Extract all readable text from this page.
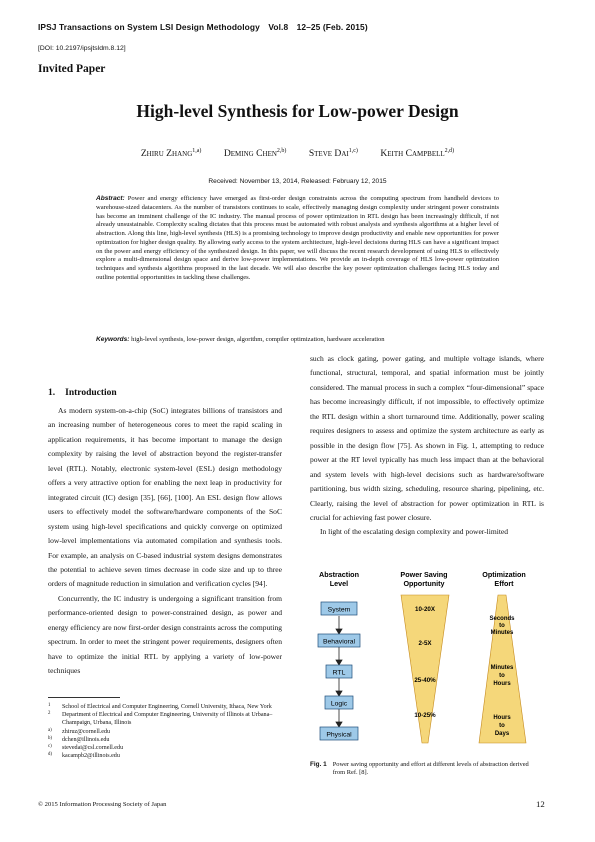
IPSJ Transactions on System LSI Design Methodology Vol.8 12–25 (Feb. 2015)
[DOI: 10.2197/ipsjtsldm.8.12]
Invited Paper
High-level Synthesis for Low-power Design
Zhiru Zhang$^{1,a)}$ Deming Chen$^{2,b)}$ Steve Dai$^{1,c)}$ Keith Campbell$^{2,d)}$
Received: November 13, 2014, Released: February 12, 2015
Abstract: Power and energy efficiency have emerged as first-order design constraints across the computing spectrum from handheld devices to warehouse-sized datacenters. As the number of transistors continues to scale, effectively managing design complexity under stringent power constraints has become an imminent challenge of the IC industry. The manual process of power optimization in RTL design has been increasingly difficult, if not already unsustainable. Complexity scaling dictates that this process must be automated with robust analysis and synthesis algorithms at a higher level of abstraction. Along this line, high-level synthesis (HLS) is a promising technology to improve design productivity and enable new opportunities for power optimization for higher design quality. By allowing early access to the system architecture, high-level decisions during HLS can have a significant impact on the power and energy efficiency of the synthesized design. In this paper, we will discuss the recent research development of using HLS to effectively explore a multi-dimensional design space and derive low-power implementations. We provide an in-depth coverage of HLS low-power optimization techniques and synthesis algorithms proposed in the last decade. We will also describe the key power optimization challenges facing HLS today and outline potential opportunities in tackling these challenges.
Keywords: high-level synthesis, low-power design, algorithm, compiler optimization, hardware acceleration
1. Introduction

As modern system-on-a-chip (SoC) integrates billions of transistors and an increasing number of heterogeneous cores to meet the rapid scaling in application requirements, it has become important to manage the design complexity by raising the level of abstraction beyond the register-transfer level (RTL). Notably, electronic system-level (ESL) design methodology offers a very attractive option for enabling the next leap in productivity for integrated circuit (IC) design [35], [66], [100]. An ESL design flow allows users to effectively model the software/hardware components of the SoC system using high-level specifications and quickly converge on optimized low-level implementations via automated compilation and synthesis tools. For example, an analysis on C-based industrial system designs demonstrates the potential to achieve seven times decrease in code size and up to three orders of magnitude reduction in simulation and verification cycles [94].

Concurrently, the IC industry is undergoing a significant transition from performance-oriented design to power-constrained design, as power and energy efficiency are now first-order design constraints across the computing spectrum. In order to meet the stringent power requirements, designers often have to optimize the initial RTL by applying a variety of low-power techniques

such as clock gating, power gating, and multiple voltage islands, where functional, structural, temporal, and spatial information must be jointly considered. The manual process in such a complex “four-dimensional” space has become increasingly difficult, if not impossible, to effectively optimize the RTL design within a short turnaround time. Additionally, power scaling requires designers to assess and optimize the system architecture as early as possible in the design flow [75]. As shown in Fig. 1, attempting to reduce power at the RT level typically has much less impact than at the behavioral and system levels with high-level decisions such as hardware/software partitioning, bus width sizing, scheduling, resource sharing, pipelining, etc. Clearly, raising the level of abstraction for power optimization in RTL is crucial for achieving fast power closure.

In light of the escalating design complexity and power-limited

1 School of Electrical and Computer Engineering, Cornell University, Ithaca, New York
2 Department of Electrical and Computer Engineering, University of Illinois at Urbana–Champaign, Urbana, Illinois
a) zhiruz@cornell.edu
b) dchen@illinois.edu
c) stevedai@csl.cornell.edu
d) kacampb2@illinois.edu
Abstraction
Level
Power Saving
Opportunity
Optimization
Effort
System
Behavioral
RTL
Logic
Physical
10-20X
2-5X
25-40%
10-25%
Seconds
to
Minutes
Minutes
to
Hours
Hours
to
Days
Fig. 1 Power saving opportunity and effort at different levels of abstraction derived from Ref. [8].
© 2015 Information Processing Society of Japan	12
